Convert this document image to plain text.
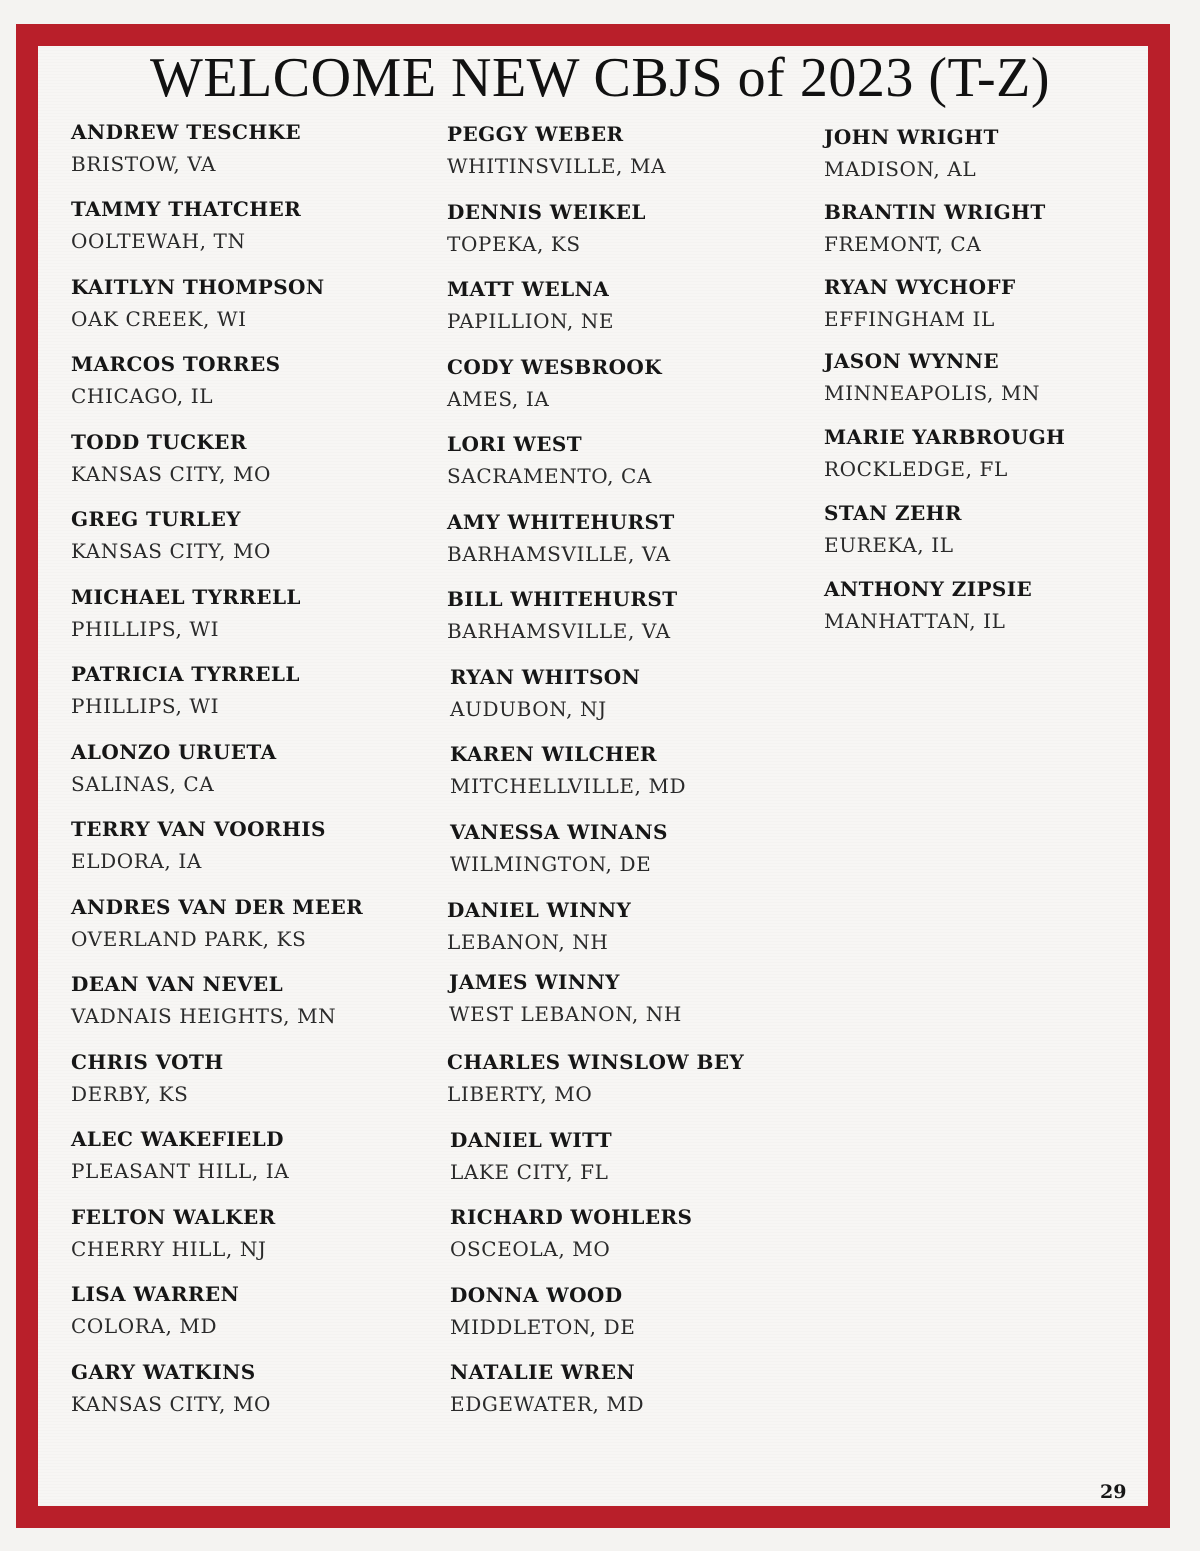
WELCOME NEW CBJS of 2023 (T-Z)
ANDREW TESCHKE
BRISTOW, VA
TAMMY THATCHER
OOLTEWAH, TN
KAITLYN THOMPSON
OAK CREEK, WI
MARCOS TORRES
CHICAGO, IL
TODD TUCKER
KANSAS CITY, MO
GREG TURLEY
KANSAS CITY, MO
MICHAEL TYRRELL
PHILLIPS, WI
PATRICIA TYRRELL
PHILLIPS, WI
ALONZO URUETA
SALINAS, CA
TERRY VAN VOORHIS
ELDORA, IA
ANDRES VAN DER MEER
OVERLAND PARK, KS
DEAN VAN NEVEL
VADNAIS HEIGHTS, MN
CHRIS VOTH
DERBY, KS
ALEC WAKEFIELD
PLEASANT HILL, IA
FELTON WALKER
CHERRY HILL, NJ
LISA WARREN
COLORA, MD
GARY WATKINS
KANSAS CITY, MO
PEGGY WEBER
WHITINSVILLE, MA
DENNIS WEIKEL
TOPEKA, KS
MATT WELNA
PAPILLION, NE
CODY WESBROOK
AMES, IA
LORI WEST
SACRAMENTO, CA
AMY WHITEHURST
BARHAMSVILLE, VA
BILL WHITEHURST
BARHAMSVILLE, VA
RYAN WHITSON
AUDUBON, NJ
KAREN WILCHER
MITCHELLVILLE, MD
VANESSA WINANS
WILMINGTON, DE
DANIEL WINNY
LEBANON, NH
JAMES WINNY
WEST LEBANON, NH
CHARLES WINSLOW BEY
LIBERTY, MO
DANIEL WITT
LAKE CITY, FL
RICHARD WOHLERS
OSCEOLA, MO
DONNA WOOD
MIDDLETON, DE
NATALIE WREN
EDGEWATER, MD
JOHN WRIGHT
MADISON, AL
BRANTIN WRIGHT
FREMONT, CA
RYAN WYCHOFF
EFFINGHAM IL
JASON WYNNE
MINNEAPOLIS, MN
MARIE YARBROUGH
ROCKLEDGE, FL
STAN ZEHR
EUREKA, IL
ANTHONY ZIPSIE
MANHATTAN, IL
29
